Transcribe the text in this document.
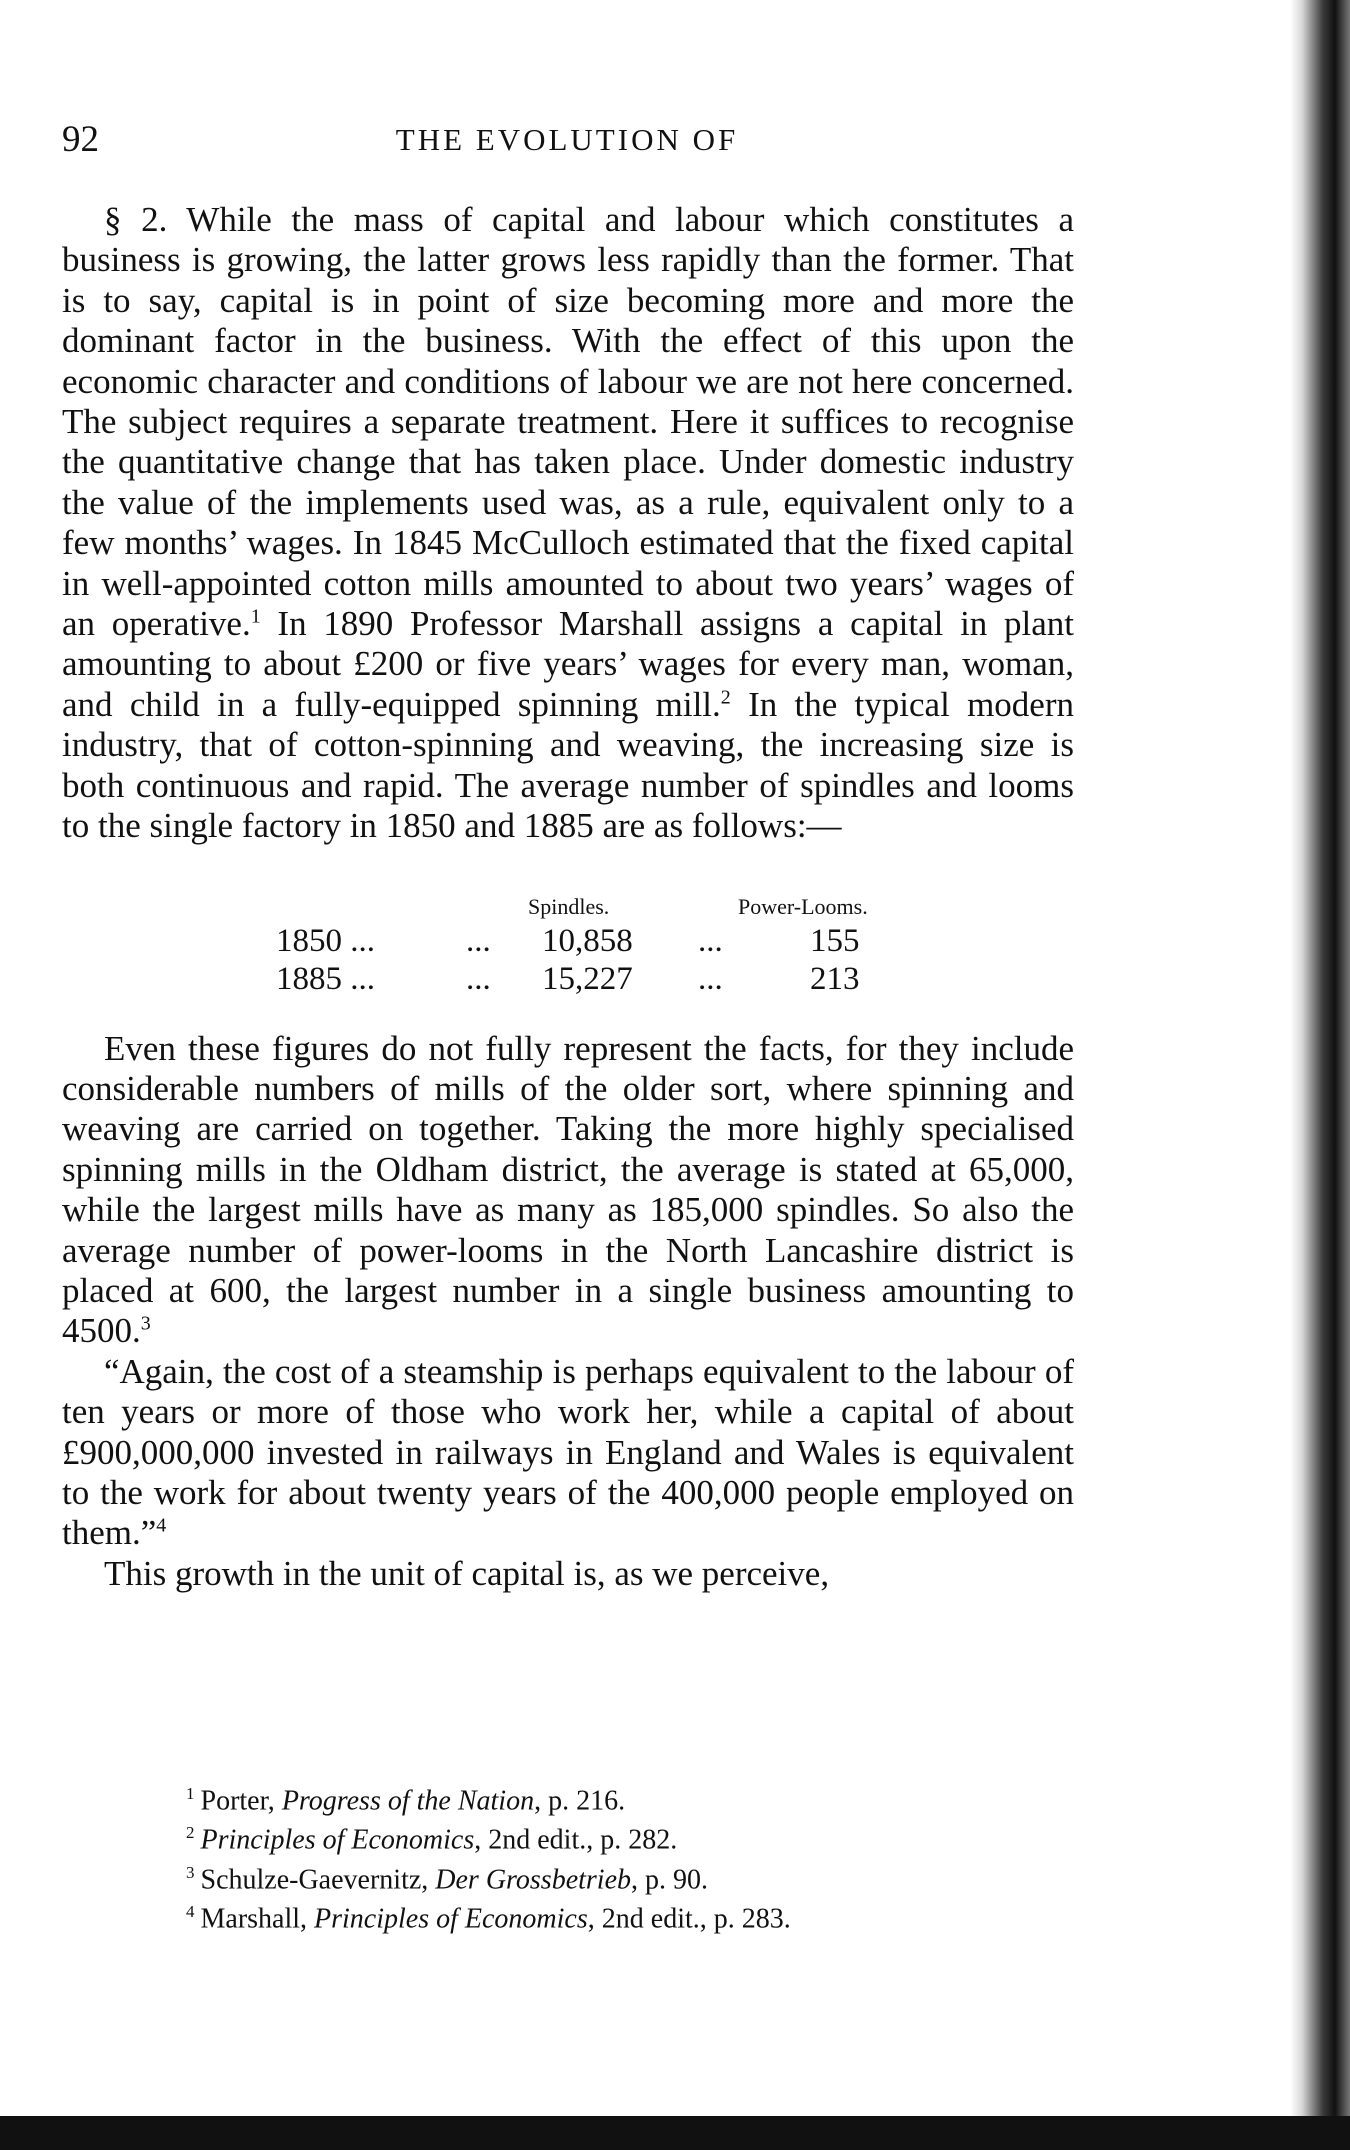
92	THE EVOLUTION OF

§ 2. While the mass of capital and labour which constitutes a business is growing, the latter grows less rapidly than the former. That is to say, capital is in point of size becoming more and more the dominant factor in the business. With the effect of this upon the economic character and conditions of labour we are not here concerned. The subject requires a separate treatment. Here it suffices to recognise the quantitative change that has taken place. Under domestic industry the value of the implements used was, as a rule, equivalent only to a few months’ wages. In 1845 McCulloch estimated that the fixed capital in well-appointed cotton mills amounted to about two years’ wages of an operative.$^1$ In 1890 Professor Marshall assigns a capital in plant amounting to about £200 or five years’ wages for every man, woman, and child in a fully-equipped spinning mill.$^2$ In the typical modern industry, that of cotton-spinning and weaving, the increasing size is both continuous and rapid. The average number of spindles and looms to the single factory in 1850 and 1885 are as follows:—

Spindles.	Power-Looms.
1850 ...	... 10,858 ...	155
1885 ...	... 15,227 ...	213

Even these figures do not fully represent the facts, for they include considerable numbers of mills of the older sort, where spinning and weaving are carried on together. Taking the more highly specialised spinning mills in the Oldham district, the average is stated at 65,000, while the largest mills have as many as 185,000 spindles. So also the average number of power-looms in the North Lancashire district is placed at 600, the largest number in a single business amounting to 4500.$^3$

“Again, the cost of a steamship is perhaps equivalent to the labour of ten years or more of those who work her, while a capital of about £900,000,000 invested in railways in England and Wales is equivalent to the work for about twenty years of the 400,000 people employed on them.”$^4$

This growth in the unit of capital is, as we perceive,

$^1$ Porter, Progress of the Nation, p. 216.

$^2$ Principles of Economics, 2nd edit., p. 282.

$^3$ Schulze-Gaevernitz, Der Grossbetrieb, p. 90.

$^4$ Marshall, Principles of Economics, 2nd edit., p. 283.
